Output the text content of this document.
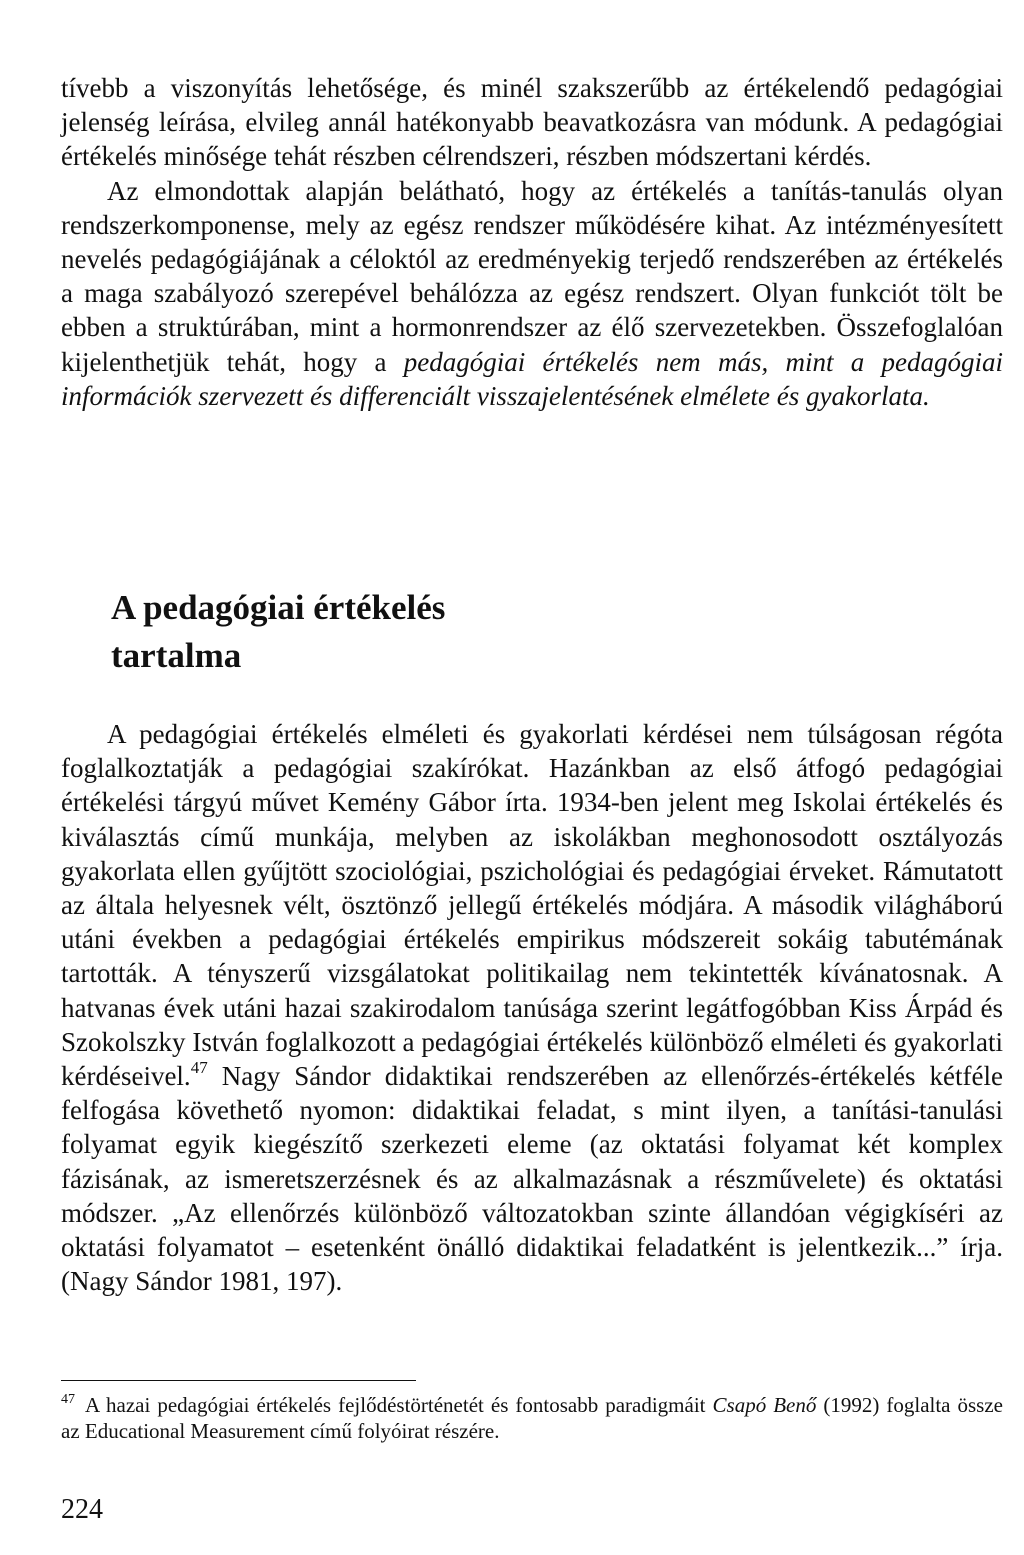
tívebb a viszonyítás lehetősége, és minél szakszerűbb az értékelendő pedagógiai jelenség leírása, elvileg annál hatékonyabb beavatkozásra van módunk. A pedagógiai értékelés minősége tehát részben célrendszeri, részben módszertani kérdés.

Az elmondottak alapján belátható, hogy az értékelés a tanítás-tanulás olyan rendszerkomponense, mely az egész rendszer működésére kihat. Az intézményesített nevelés pedagógiájának a céloktól az eredményekig terjedő rendszerében az értékelés a maga szabályozó szerepével behálózza az egész rendszert. Olyan funkciót tölt be ebben a struktúrában, mint a hormonrendszer az élő szervezetekben. Összefoglalóan kijelenthetjük tehát, hogy a pedagógiai értékelés nem más, mint a pedagógiai információk szervezett és differenciált visszajelentésének elmélete és gyakorlata.

A pedagógiai értékelés
tartalma

A pedagógiai értékelés elméleti és gyakorlati kérdései nem túlságosan régóta foglalkoztatják a pedagógiai szakírókat. Hazánkban az első átfogó pedagógiai értékelési tárgyú művet Kemény Gábor írta. 1934-ben jelent meg Iskolai értékelés és kiválasztás című munkája, melyben az iskolákban meghonosodott osztályozás gyakorlata ellen gyűjtött szociológiai, pszichológiai és pedagógiai érveket. Rámutatott az általa helyesnek vélt, ösztönző jellegű értékelés módjára. A második világháború utáni években a pedagógiai értékelés empirikus módszereit sokáig tabutémának tartották. A tényszerű vizsgálatokat politikailag nem tekintették kívánatosnak. A hatvanas évek utáni hazai szakirodalom tanúsága szerint legátfogóbban Kiss Árpád és Szokolszky István foglalkozott a pedagógiai értékelés különböző elméleti és gyakorlati kérdéseivel.$^{47}$ Nagy Sándor didaktikai rendszerében az ellenőrzés-értékelés kétféle felfogása követhető nyomon: didaktikai feladat, s mint ilyen, a tanítási-tanulási folyamat egyik kiegészítő szerkezeti eleme (az oktatási folyamat két komplex fázisának, az ismeretszerzésnek és az alkalmazásnak a részművelete) és oktatási módszer. „Az ellenőrzés különböző változatokban szinte állandóan végigkíséri az oktatási folyamatot – esetenként önálló didaktikai feladatként is jelentkezik...” írja. (Nagy Sándor 1981, 197).

$^{47}$ A hazai pedagógiai értékelés fejlődéstörténetét és fontosabb paradigmáit Csapó Benő (1992) foglalta össze az Educational Measurement című folyóirat részére.
224
